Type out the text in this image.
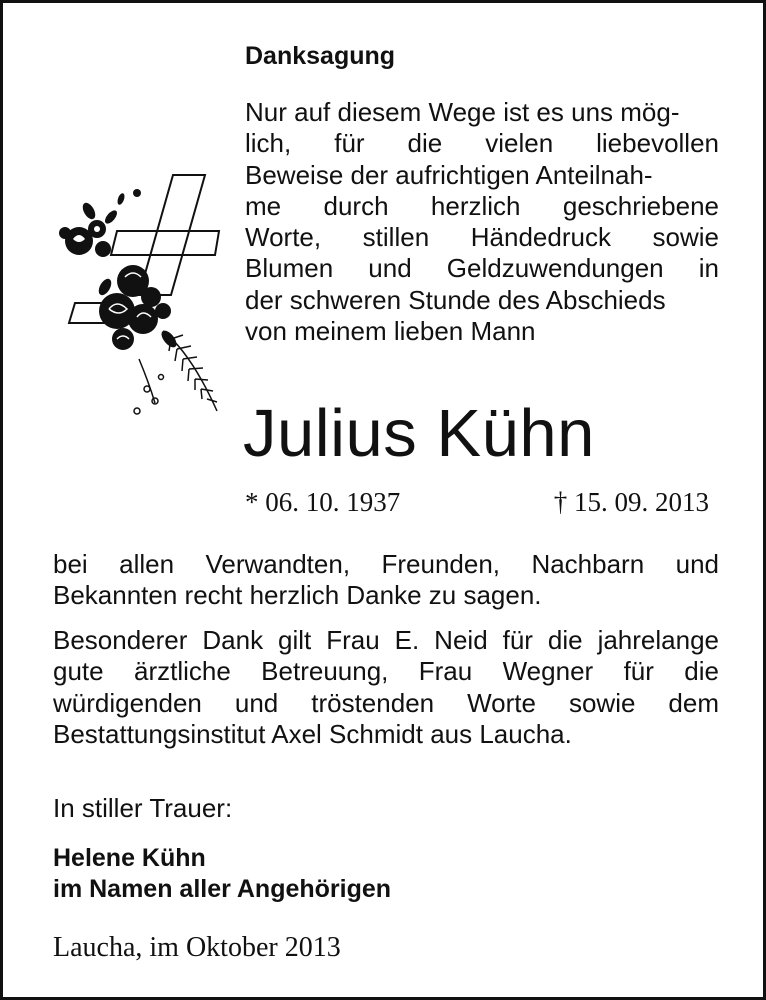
Danksagung
Nur auf diesem Wege ist es uns mög-
lich, für die vielen liebevollen
Beweise der aufrichtigen Anteilnah-
me durch herzlich geschriebene
Worte, stillen Händedruck sowie
Blumen und Geldzuwendungen in
der schweren Stunde des Abschieds
von meinem lieben Mann
Julius Kühn
* 06. 10. 1937	† 15. 09. 2013
bei allen Verwandten, Freunden, Nachbarn und
Bekannten recht herzlich Danke zu sagen.
Besonderer Dank gilt Frau E. Neid für die jahrelange
gute ärztliche Betreuung, Frau Wegner für die
würdigenden und tröstenden Worte sowie dem
Bestattungsinstitut Axel Schmidt aus Laucha.
In stiller Trauer:
Helene Kühn
im Namen aller Angehörigen
Laucha, im Oktober 2013
